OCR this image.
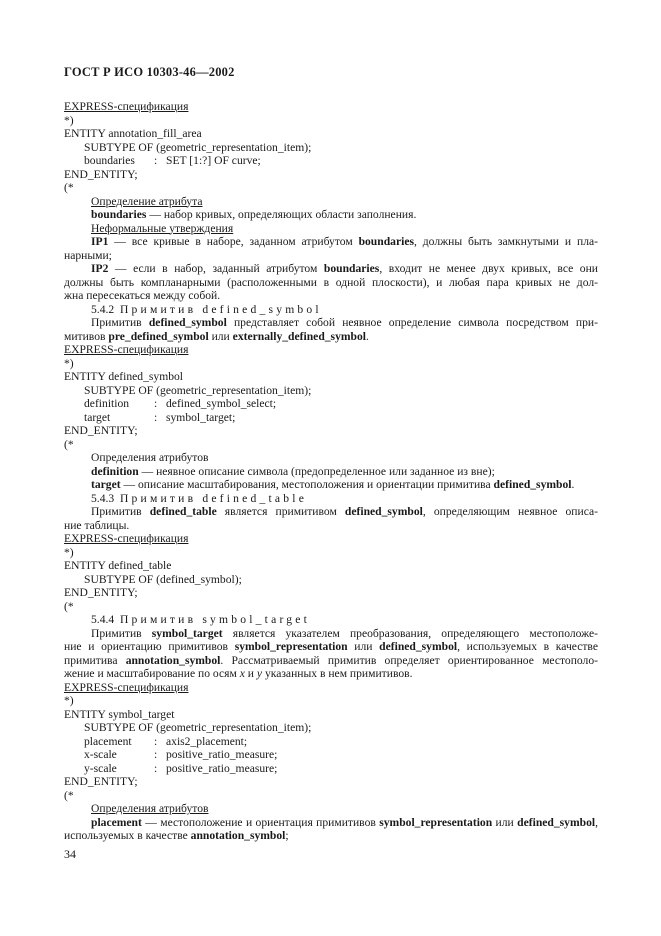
ГОСТ Р ИСО 10303-46—2002
EXPRESS-спецификация
*)
ENTITY annotation_fill_area
SUBTYPE OF (geometric_representation_item);
boundaries : SET [1:?] OF curve;
END_ENTITY;
(*
Определение атрибута
boundaries — набор кривых, определяющих области заполнения.
Неформальные утверждения
IP1 — все кривые в наборе, заданном атрибутом boundaries, должны быть замкнутыми и пла-
нарными;
IP2 — если в набор, заданный атрибутом boundaries, входит не менее двух кривых, все они
должны быть компланарными (расположенными в одной плоскости), и любая пара кривых не дол-
жна пересекаться между собой.
5.4.2 Примитив defined_symbol
Примитив defined_symbol представляет собой неявное определение символа посредством при-
митивов pre_defined_symbol или externally_defined_symbol.
EXPRESS-спецификация
*)
ENTITY defined_symbol
SUBTYPE OF (geometric_representation_item);
definition : defined_symbol_select;
target	: symbol_target;
END_ENTITY;
(*
Определения атрибутов
definition — неявное описание символа (предопределенное или заданное из вне);
target — описание масштабирования, местоположения и ориентации примитива defined_symbol.
5.4.3 Примитив defined_table
Примитив defined_table является примитивом defined_symbol, определяющим неявное описа-
ние таблицы.
EXPRESS-спецификация
*)
ENTITY defined_table
SUBTYPE OF (defined_symbol);
END_ENTITY;
(*
5.4.4 Примитив symbol_target
Примитив symbol_target является указателем преобразования, определяющего местоположе-
ние и ориентацию примитивов symbol_representation или defined_symbol, используемых в качестве
примитива annotation_symbol. Рассматриваемый примитив определяет ориентированное местополо-
жение и масштабирование по осям x и y указанных в нем примитивов.
EXPRESS-спецификация
*)
ENTITY symbol_target
SUBTYPE OF (geometric_representation_item);
placement : axis2_placement;
x-scale	: positive_ratio_measure;
y-scale	: positive_ratio_measure;
END_ENTITY;
(*
Определения атрибутов
placement — местоположение и ориентация примитивов symbol_representation или defined_symbol,
используемых в качестве annotation_symbol;
34
